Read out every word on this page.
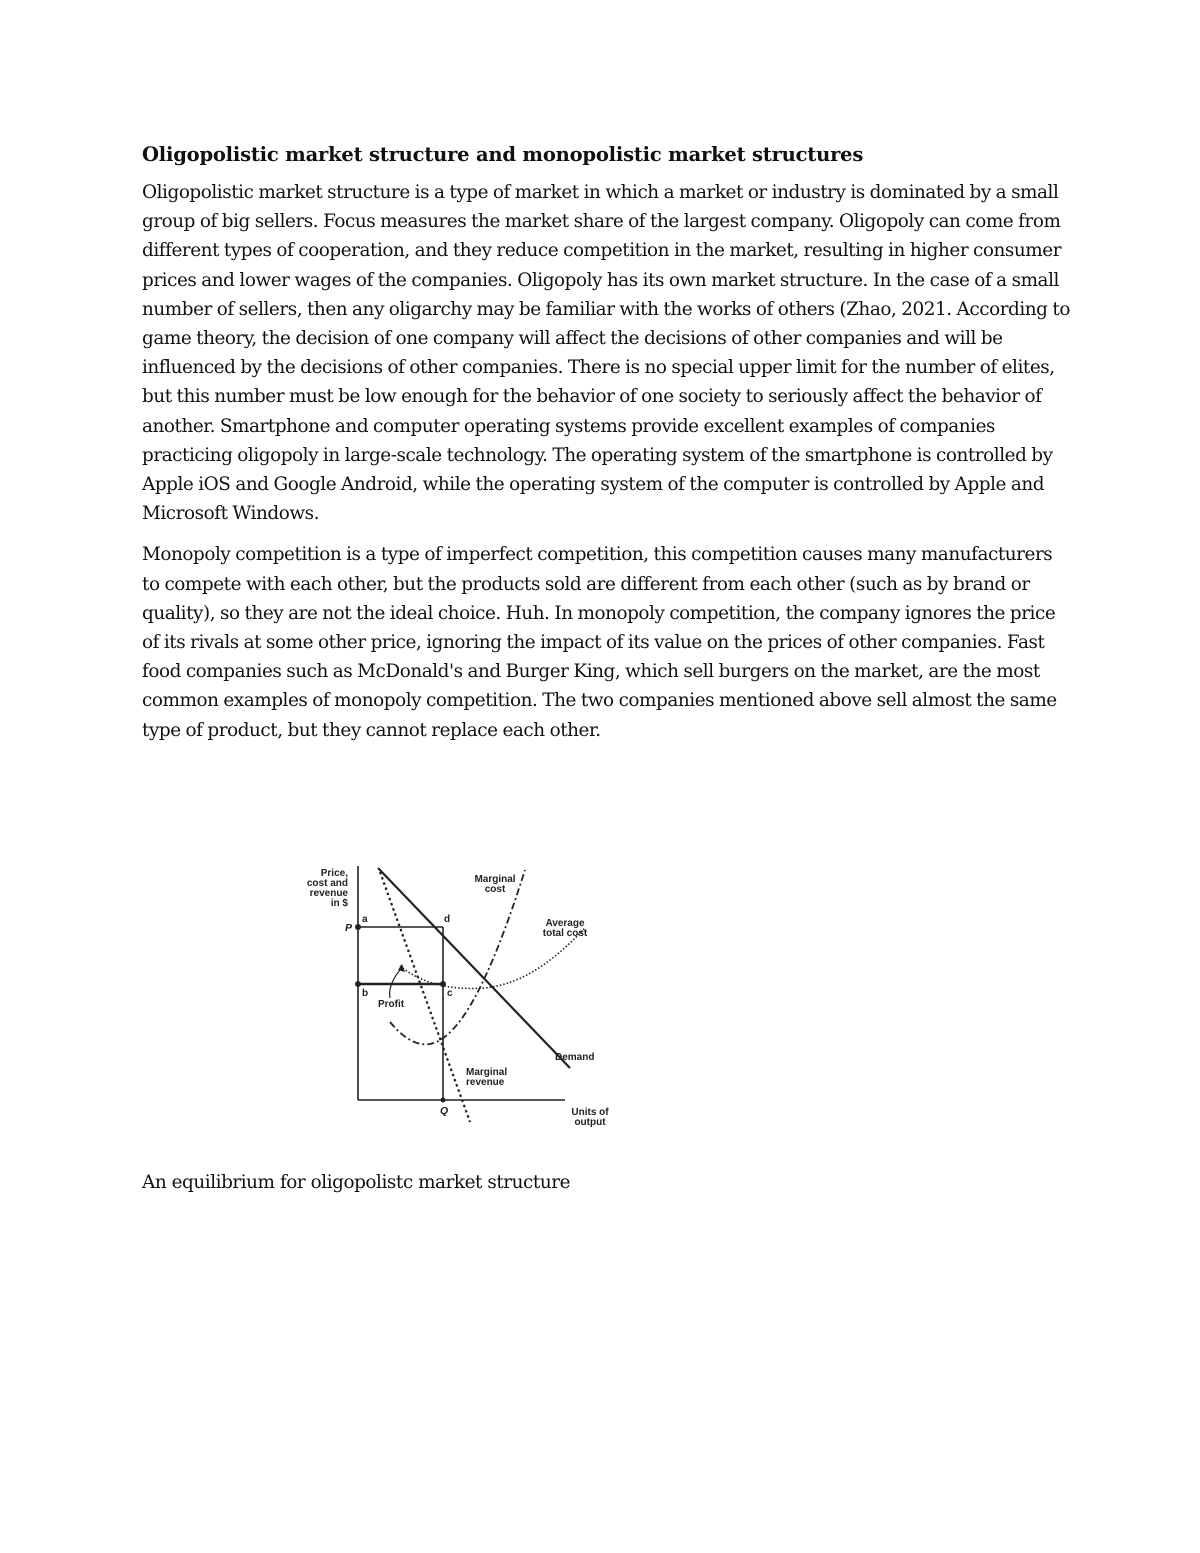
Oligopolistic market structure and monopolistic market structures

Oligopolistic market structure is a type of market in which a market or industry is dominated by a small group of big sellers. Focus measures the market share of the largest company. Oligopoly can come from different types of cooperation, and they reduce competition in the market, resulting in higher consumer prices and lower wages of the companies. Oligopoly has its own market structure. In the case of a small number of sellers, then any oligarchy may be familiar with the works of others (Zhao, 2021. According to game theory, the decision of one company will affect the decisions of other companies and will be influenced by the decisions of other companies. There is no special upper limit for the number of elites, but this number must be low enough for the behavior of one society to seriously affect the behavior of another. Smartphone and computer operating systems provide excellent examples of companies practicing oligopoly in large-scale technology. The operating system of the smartphone is controlled by Apple iOS and Google Android, while the operating system of the computer is controlled by Apple and Microsoft Windows.

Monopoly competition is a type of imperfect competition, this competition causes many manufacturers to compete with each other, but the products sold are different from each other (such as by brand or quality), so they are not the ideal choice. Huh. In monopoly competition, the company ignores the price of its rivals at some other price, ignoring the impact of its value on the prices of other companies. Fast food companies such as McDonald's and Burger King, which sell burgers on the market, are the most common examples of monopoly competition. The two companies mentioned above sell almost the same type of product, but they cannot replace each other.

Price,
cost and
revenue
in $
Units of
output
a
b	c
d
P
Q
Profit
Marginal
cost
Average
total cost
Demand
Marginal
revenue

An equilibrium for oligopolistc market structure
